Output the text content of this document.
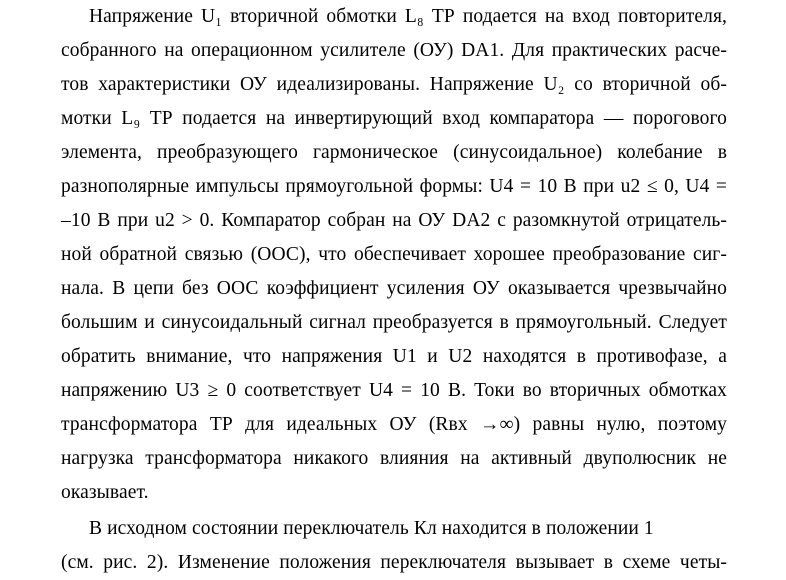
Напряжение U₁ вторичной обмотки L₈ ТР подается на вход повторителя,
собранного на операционном усилителе (ОУ) DA1. Для практических расче-
тов характеристики ОУ идеализированы. Напряжение U₂ со вторичной об-
мотки L₉ ТР подается на инвертирующий вход компаратора — порогового
элемента, преобразующего гармоническое (синусоидальное) колебание в
разнополярные импульсы прямоугольной формы: U4 = 10 В при u2 ≤ 0, U4 =
–10 В при u2 > 0. Компаратор собран на ОУ DA2 с разомкнутой отрицатель-
ной обратной связью (ООС), что обеспечивает хорошее преобразование сиг-
нала. В цепи без ООС коэффициент усиления ОУ оказывается чрезвычайно
большим и синусоидальный сигнал преобразуется в прямоугольный. Следует
обратить внимание, что напряжения U1 и U2 находятся в противофазе, а
напряжению U3 ≥ 0 соответствует U4 = 10 В. Токи во вторичных обмотках
трансформатора ТР для идеальных ОУ (Rвх →∞) равны нулю, поэтому
нагрузка трансформатора никакого влияния на активный двуполюсник не
оказывает.
В исходном состоянии переключатель Кл находится в положении 1
(см. рис. 2). Изменение положения переключателя вызывает в схеме четы-
